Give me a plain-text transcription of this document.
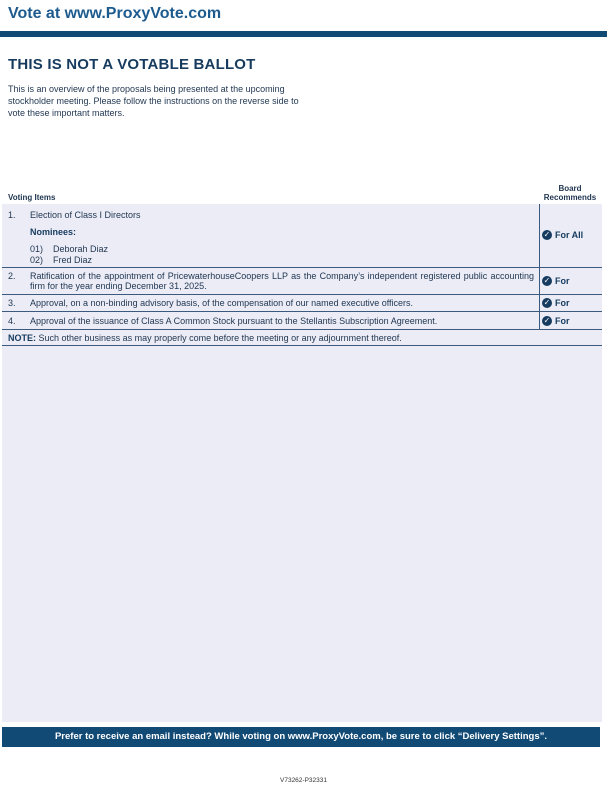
Vote at www.ProxyVote.com
THIS IS NOT A VOTABLE BALLOT
This is an overview of the proposals being presented at the upcoming stockholder meeting. Please follow the instructions on the reverse side to vote these important matters.
Voting Items
Board Recommends
1. Election of Class I Directors
Nominees:
01) Deborah Diaz
02) Fred Diaz
✓ For All
2. Ratification of the appointment of PricewaterhouseCoopers LLP as the Company’s independent registered public accounting firm for the year ending December 31, 2025.
✓ For
3. Approval, on a non-binding advisory basis, of the compensation of our named executive officers.	✓ For
4. Approval of the issuance of Class A Common Stock pursuant to the Stellantis Subscription Agreement.	✓ For
NOTE: Such other business as may properly come before the meeting or any adjournment thereof.
Prefer to receive an email instead? While voting on www.ProxyVote.com, be sure to click “Delivery Settings”.
V73262-P32331
